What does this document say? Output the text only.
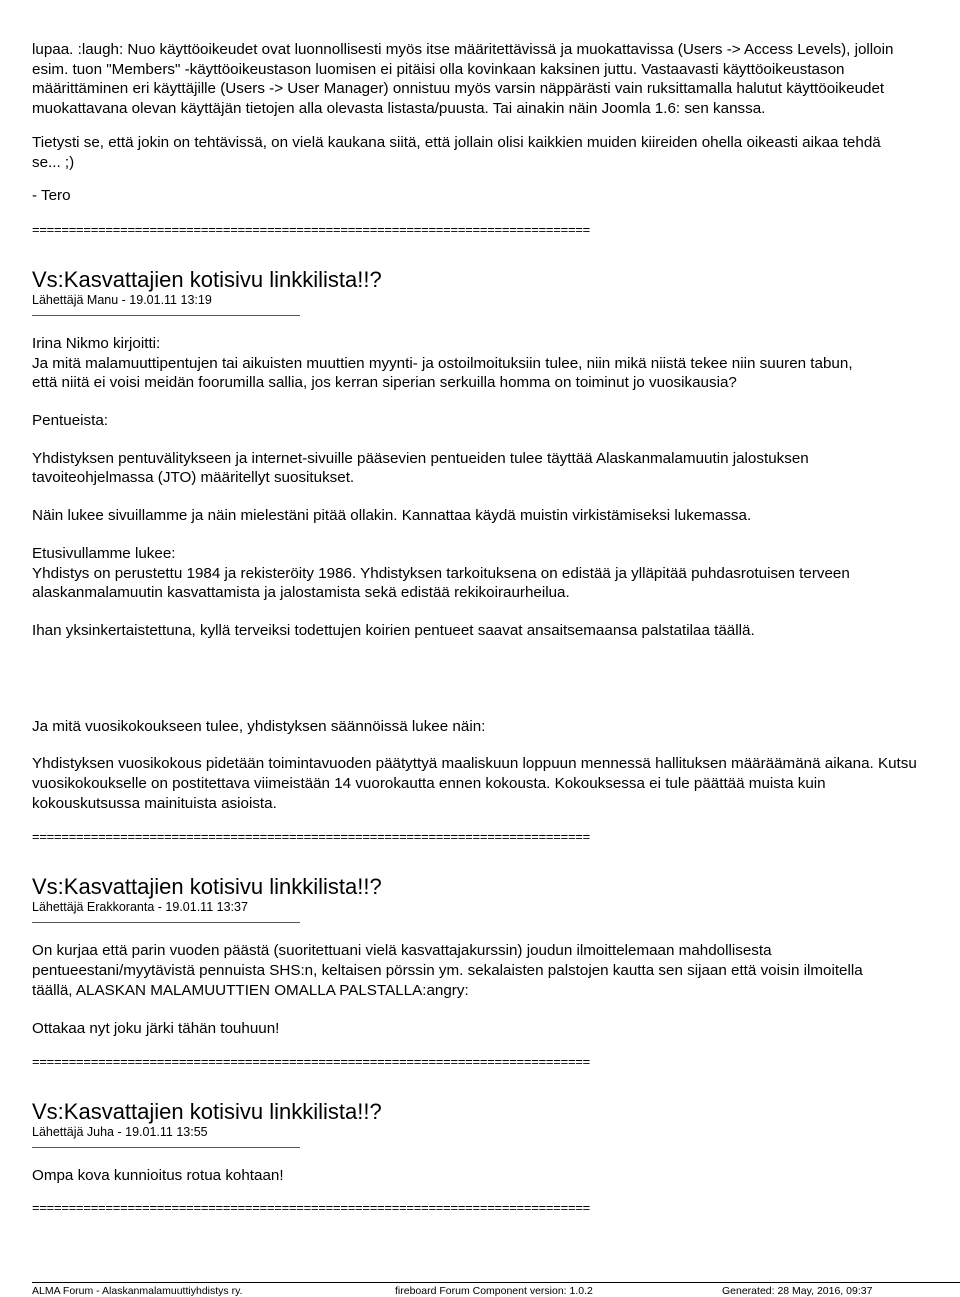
lupaa. :laugh: Nuo käyttöoikeudet ovat luonnollisesti myös itse määritettävissä ja muokattavissa (Users -> Access Levels), jolloin
esim. tuon "Members" -käyttöoikeustason luomisen ei pitäisi olla kovinkaan kaksinen juttu. Vastaavasti käyttöoikeustason
määrittäminen eri käyttäjille (Users -> User Manager) onnistuu myös varsin näppärästi vain ruksittamalla halutut käyttöoikeudet
muokattavana olevan käyttäjän tietojen alla olevasta listasta/puusta. Tai ainakin näin Joomla 1.6: sen kanssa.
Tietysti se, että jokin on tehtävissä, on vielä kaukana siitä, että jollain olisi kaikkien muiden kiireiden ohella oikeasti aikaa tehdä
se... ;)
- Tero
============================================================================
Vs:Kasvattajien kotisivu linkkilista!!?
Lähettäjä Manu - 19.01.11 13:19
Irina Nikmo kirjoitti:
Ja mitä malamuuttipentujen tai aikuisten muuttien myynti- ja ostoilmoituksiin tulee, niin mikä niistä tekee niin suuren tabun,
että niitä ei voisi meidän foorumilla sallia, jos kerran siperian serkuilla homma on toiminut jo vuosikausia?
Pentueista:
Yhdistyksen pentuvälitykseen ja internet-sivuille pääsevien pentueiden tulee täyttää Alaskanmalamuutin jalostuksen
tavoiteohjelmassa (JTO) määritellyt suositukset.
Näin lukee sivuillamme ja näin mielestäni pitää ollakin. Kannattaa käydä muistin virkistämiseksi lukemassa.
Etusivullamme lukee:
Yhdistys on perustettu 1984 ja rekisteröity 1986. Yhdistyksen tarkoituksena on edistää ja ylläpitää puhdasrotuisen terveen
alaskanmalamuutin kasvattamista ja jalostamista sekä edistää rekikoiraurheilua.
Ihan yksinkertaistettuna, kyllä terveiksi todettujen koirien pentueet saavat ansaitsemaansa palstatilaa täällä.
Ja mitä vuosikokoukseen tulee, yhdistyksen säännöissä lukee näin:
Yhdistyksen vuosikokous pidetään toimintavuoden päätyttyä maaliskuun loppuun mennessä hallituksen määräämänä aikana. Kutsu
vuosikokoukselle on postitettava viimeistään 14 vuorokautta ennen kokousta. Kokouksessa ei tule päättää muista kuin
kokouskutsussa mainituista asioista.
============================================================================
Vs:Kasvattajien kotisivu linkkilista!!?
Lähettäjä Erakkoranta - 19.01.11 13:37
On kurjaa että parin vuoden päästä (suoritettuani vielä kasvattajakurssin) joudun ilmoittelemaan mahdollisesta
pentueestani/myytävistä pennuista SHS:n, keltaisen pörssin ym. sekalaisten palstojen kautta sen sijaan että voisin ilmoitella
täällä, ALASKAN MALAMUUTTIEN OMALLA PALSTALLA:angry:
Ottakaa nyt joku järki tähän touhuun!
============================================================================
Vs:Kasvattajien kotisivu linkkilista!!?
Lähettäjä Juha - 19.01.11 13:55
Ompa kova kunnioitus rotua kohtaan!
============================================================================
ALMA Forum - Alaskanmalamuuttiyhdistys ry.	fireboard Forum Component version: 1.0.2	Generated: 28 May, 2016, 09:37
